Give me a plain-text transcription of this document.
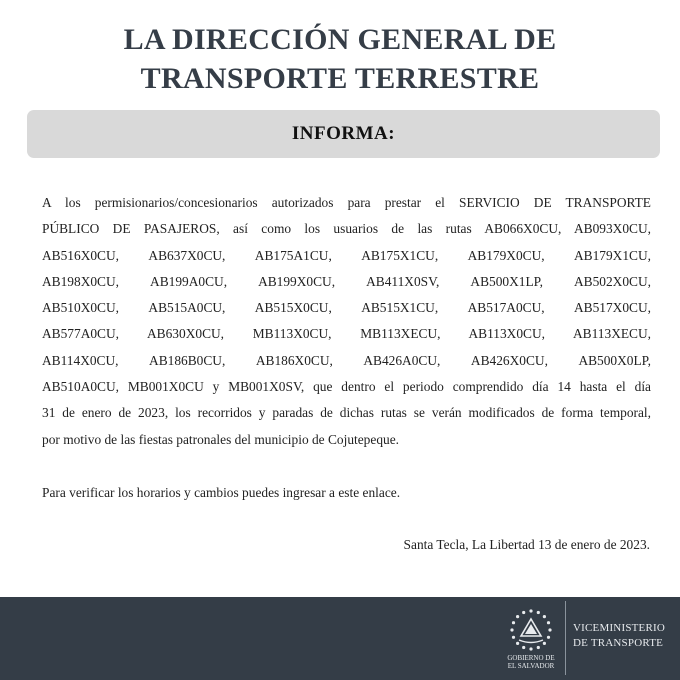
LA DIRECCIÓN GENERAL DE
TRANSPORTE TERRESTRE
INFORMA:

A los permisionarios/concesionarios autorizados para prestar el SERVICIO DE TRANSPORTE

PÚBLICO DE PASAJEROS, así como los usuarios de las rutas AB066X0CU, AB093X0CU,

AB516X0CU, AB637X0CU, AB175A1CU, AB175X1CU, AB179X0CU, AB179X1CU,

AB198X0CU, AB199A0CU, AB199X0CU, AB411X0SV, AB500X1LP, AB502X0CU,

AB510X0CU, AB515A0CU, AB515X0CU, AB515X1CU, AB517A0CU, AB517X0CU,

AB577A0CU, AB630X0CU, MB113X0CU, MB113XECU, AB113X0CU, AB113XECU,

AB114X0CU, AB186B0CU, AB186X0CU, AB426A0CU, AB426X0CU, AB500X0LP,

AB510A0CU, MB001X0CU y MB001X0SV, que dentro el periodo comprendido día 14 hasta el día

31 de enero de 2023, los recorridos y paradas de dichas rutas se verán modificados de forma temporal,

por motivo de las fiestas patronales del municipio de Cojutepeque.

Para verificar los horarios y cambios puedes ingresar a este enlace.
Santa Tecla, La Libertad 13 de enero de 2023.
GOBIERNO DE
EL SALVADOR
VICEMINISTERIO
DE TRANSPORTE
